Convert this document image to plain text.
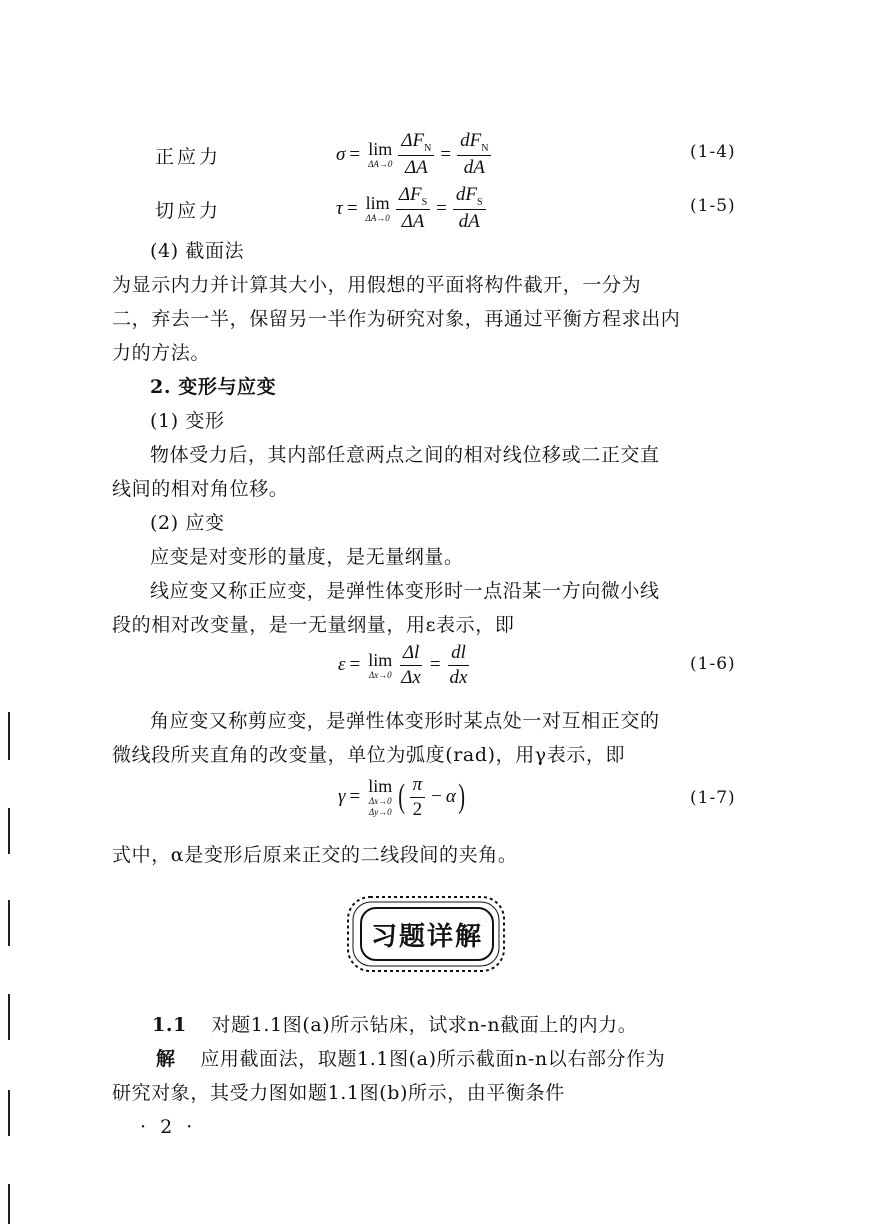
正应力	σ = lim
$\Delta A\to 0 \frac{\Delta F_N}{\Delta A} = \frac{dF_N}{dA}$	(1-4)
切应力	τ = lim
$\Delta A\to 0 \frac{\Delta F_S}{\Delta A} = \frac{dF_S}{dA}$	(1-5)
(4) 截面法
为显示内力并计算其大小，用假想的平面将构件截开，一分为
二，弃去一半，保留另一半作为研究对象，再通过平衡方程求出内
力的方法。
2. 变形与应变
(1) 变形
物体受力后，其内部任意两点之间的相对线位移或二正交直
线间的相对角位移。
(2) 应变
应变是对变形的量度，是无量纲量。
线应变又称正应变，是弹性体变形时一点沿某一方向微小线
段的相对改变量，是一无量纲量，用ε表示，即
ε = lim
$\Delta x\to 0 \frac{\Delta l}{\Delta x} = \frac{dl}{dx}$	(1-6)
角应变又称剪应变，是弹性体变形时某点处一对互相正交的
微线段所夹直角的改变量，单位为弧度(rad)，用γ表示，即
γ = lim
Δx→0
Δy→0 ( $\frac{\pi}{2} - \alpha$ )	(1-7)
式中，α是变形后原来正交的二线段间的夹角。
习题详解
1.1 对题1.1图(a)所示钻床，试求n-n截面上的内力。
解 应用截面法，取题1.1图(a)所示截面n-n以右部分作为
研究对象，其受力图如题1.1图(b)所示，由平衡条件
· 2 ·
